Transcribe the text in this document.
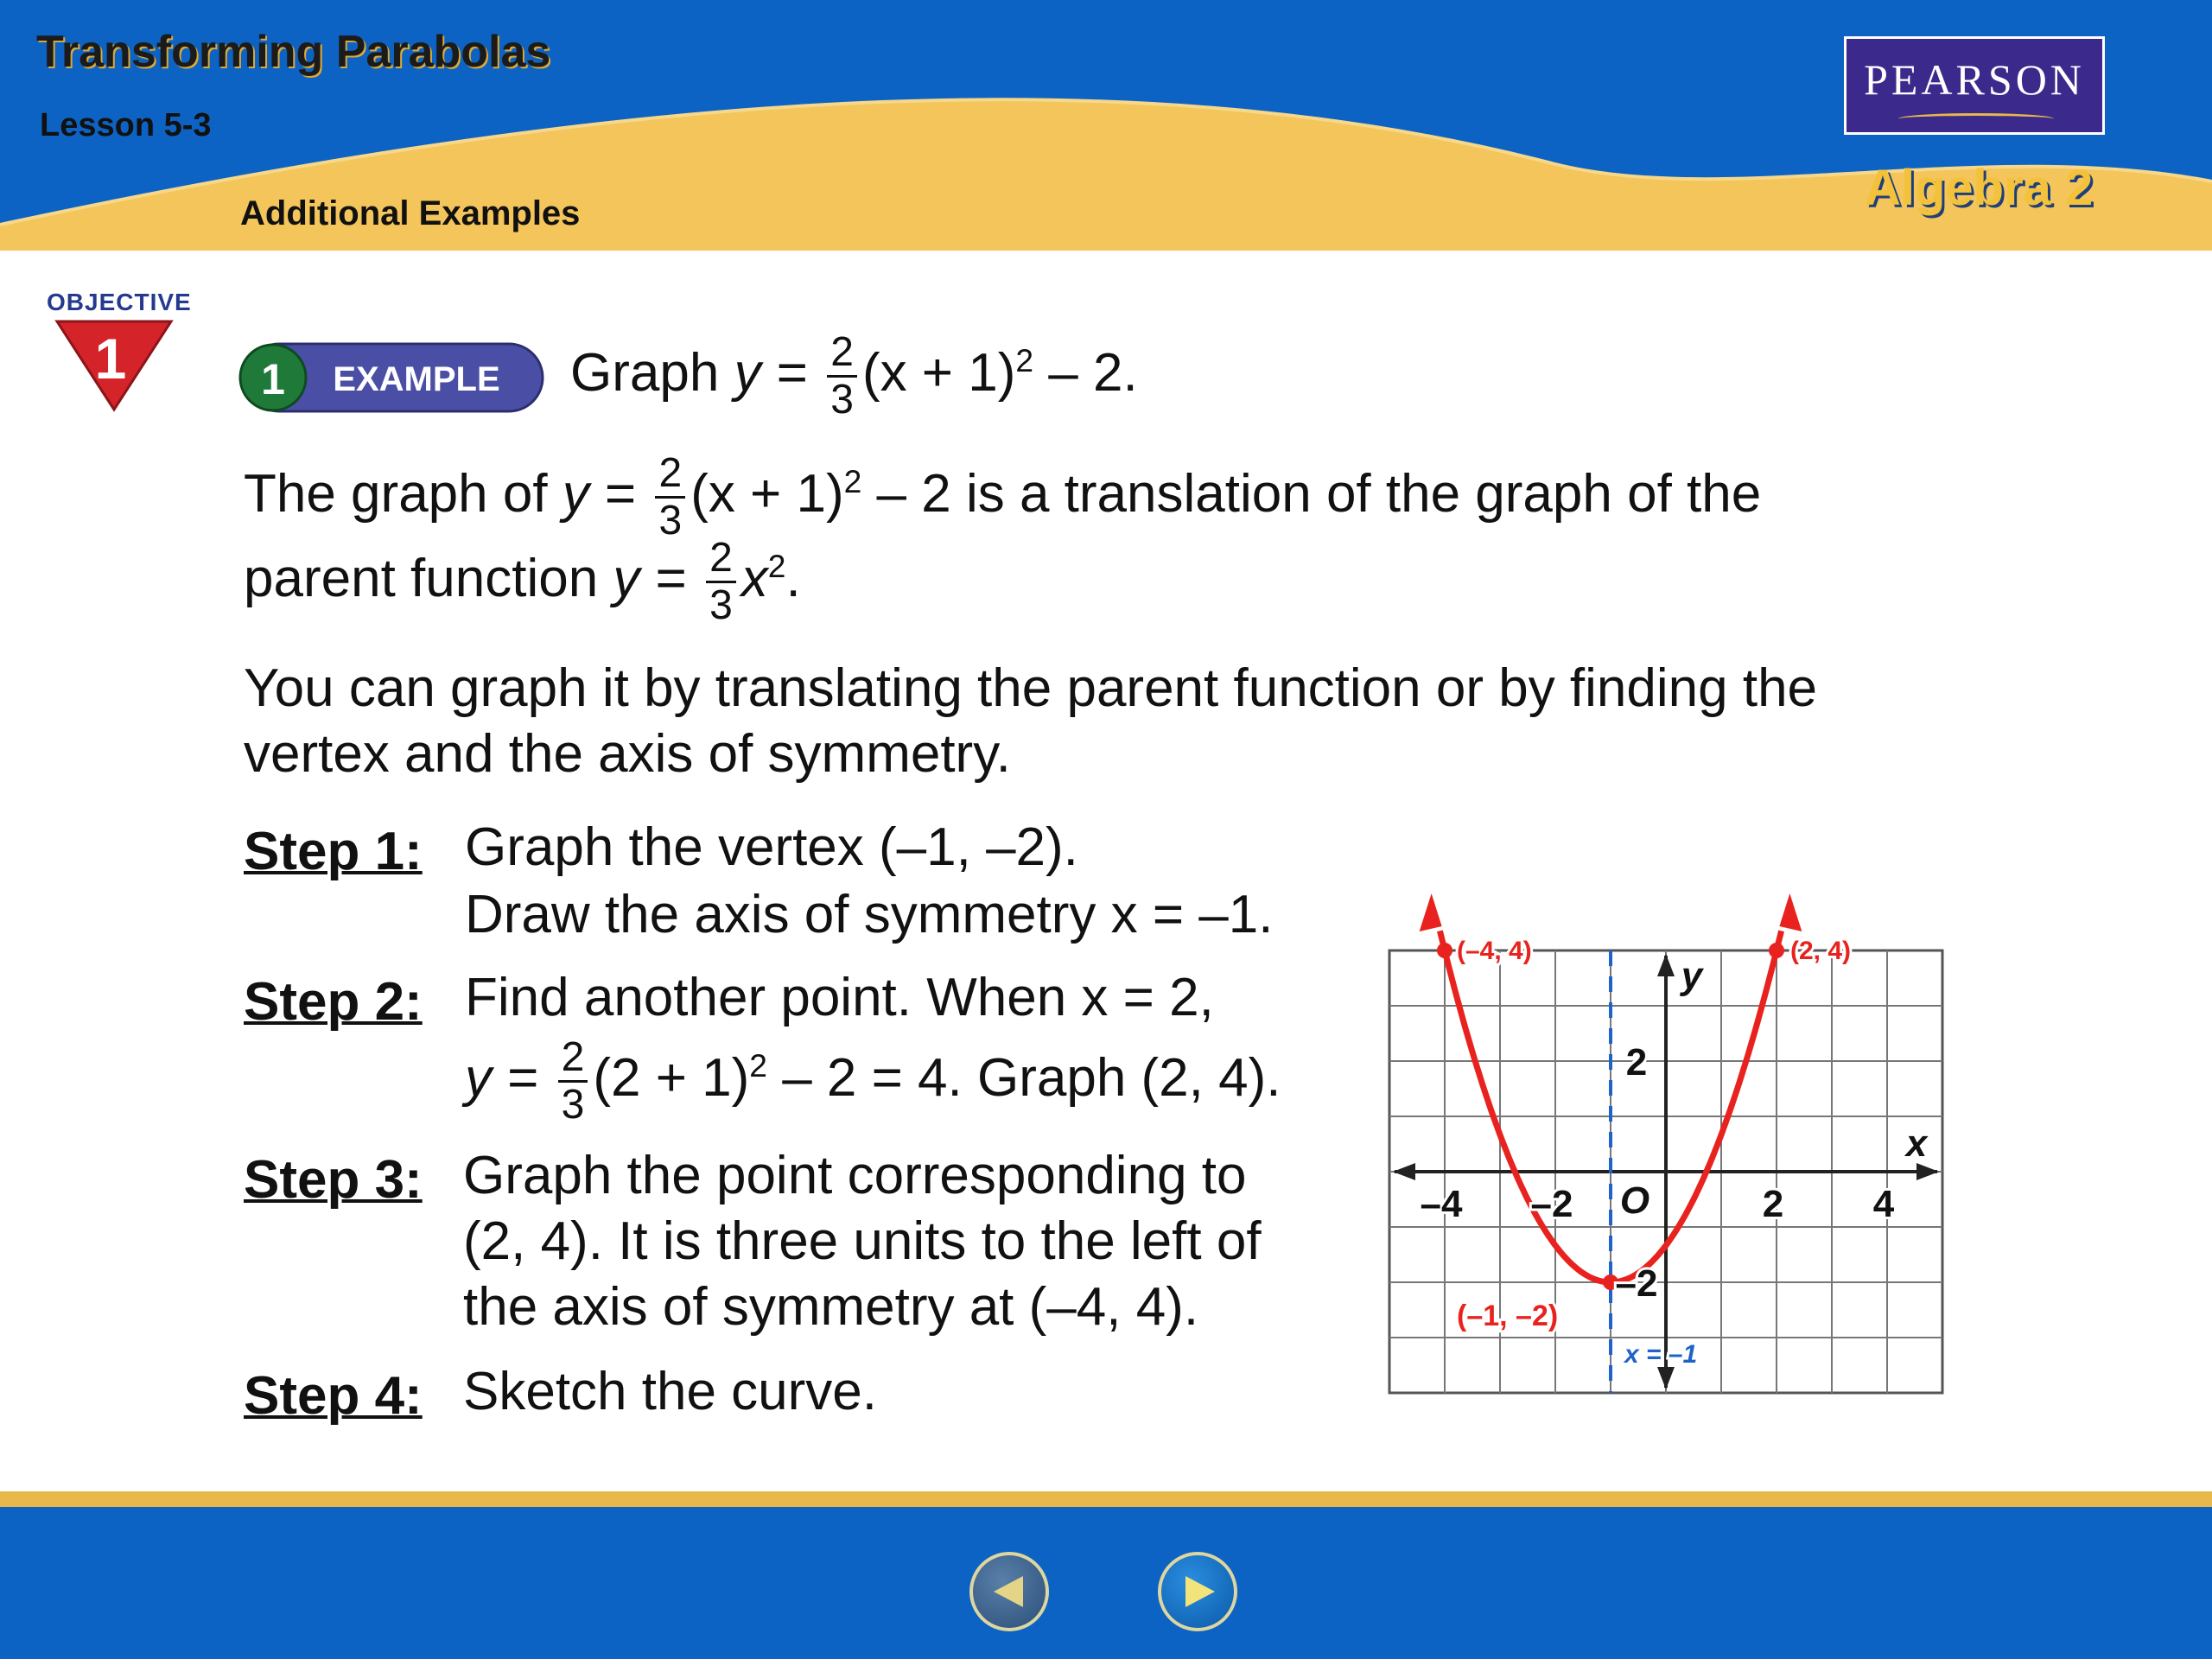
Transforming Parabolas
Lesson 5-3
Additional Examples
PEARSON
Algebra 2
OBJECTIVE
1	1 EXAMPLE Graph $y = \frac{2}{3} (x + 1)^2 - 2$.
The graph of $y = \frac{2}{3} (x + 1)^2 - 2$ is a translation of the graph of the
parent function $y = \frac{2}{3} x^2$.
You can graph it by translating the parent function or by finding the
vertex and the axis of symmetry.
Step 1: Graph the vertex (–1, –2).
Draw the axis of symmetry x = –1.
Step 2: Find another point. When x = 2,
$y = \frac{2}{3} (2 + 1)^2 - 2 = 4$. Graph (2, 4).
Step 3: Graph the point corresponding to
(2, 4). It is three units to the left of
the axis of symmetry at (–4, 4).
Step 4: Sketch the curve.
–4 –2	2 4
2
–2
O
x
y
(–4, 4)	(2, 4)
(–1, –2)
x = –1
